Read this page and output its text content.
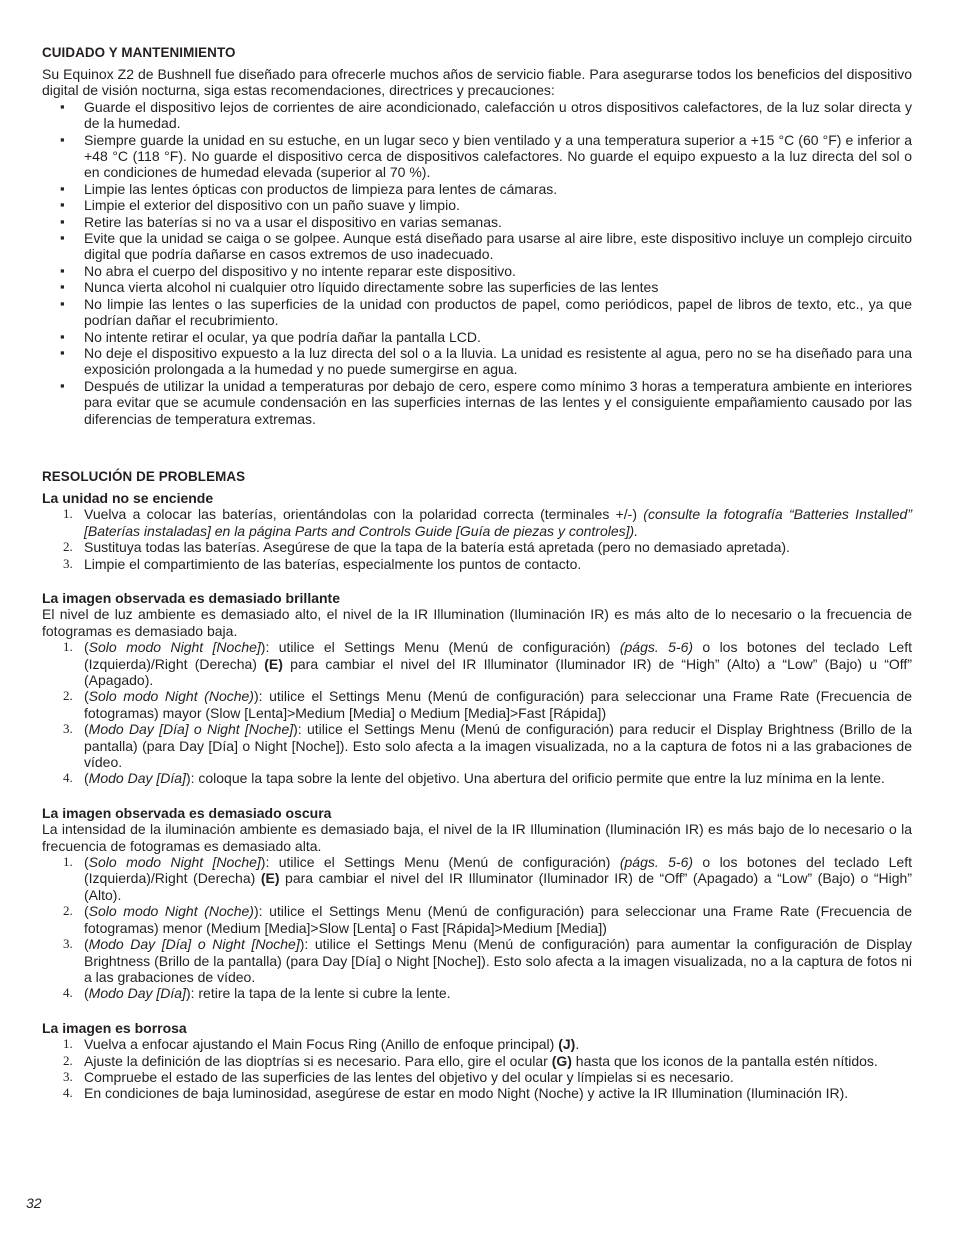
CUIDADO Y MANTENIMIENTO

Su Equinox Z2 de Bushnell fue diseñado para ofrecerle muchos años de servicio fiable. Para asegurarse todos los beneficios del dispositivo digital de visión nocturna, siga estas recomendaciones, directrices y precauciones:

▪ Guarde el dispositivo lejos de corrientes de aire acondicionado, calefacción u otros dispositivos calefactores, de la luz solar directa y de la humedad.
▪ Siempre guarde la unidad en su estuche, en un lugar seco y bien ventilado y a una temperatura superior a +15 °C (60 °F) e inferior a +48 °C (118 °F). No guarde el dispositivo cerca de dispositivos calefactores. No guarde el equipo expuesto a la luz directa del sol o en condiciones de humedad elevada (superior al 70 %).
▪ Limpie las lentes ópticas con productos de limpieza para lentes de cámaras.
▪ Limpie el exterior del dispositivo con un paño suave y limpio.
▪ Retire las baterías si no va a usar el dispositivo en varias semanas.
▪ Evite que la unidad se caiga o se golpee. Aunque está diseñado para usarse al aire libre, este dispositivo incluye un complejo circuito digital que podría dañarse en casos extremos de uso inadecuado.
▪ No abra el cuerpo del dispositivo y no intente reparar este dispositivo.
▪ Nunca vierta alcohol ni cualquier otro líquido directamente sobre las superficies de las lentes
▪ No limpie las lentes o las superficies de la unidad con productos de papel, como periódicos, papel de libros de texto, etc., ya que podrían dañar el recubrimiento.
▪ No intente retirar el ocular, ya que podría dañar la pantalla LCD.
▪ No deje el dispositivo expuesto a la luz directa del sol o a la lluvia. La unidad es resistente al agua, pero no se ha diseñado para una exposición prolongada a la humedad y no puede sumergirse en agua.
▪ Después de utilizar la unidad a temperaturas por debajo de cero, espere como mínimo 3 horas a temperatura ambiente en interiores para evitar que se acumule condensación en las superficies internas de las lentes y el consiguiente empañamiento causado por las diferencias de temperatura extremas.
RESOLUCIÓN DE PROBLEMAS
La unidad no se enciende
1. Vuelva a colocar las baterías, orientándolas con la polaridad correcta (terminales +/-) (consulte la fotografía “Batteries Installed” [Baterías instaladas] en la página Parts and Controls Guide [Guía de piezas y controles]).
2. Sustituya todas las baterías. Asegúrese de que la tapa de la batería está apretada (pero no demasiado apretada).
3. Limpie el compartimiento de las baterías, especialmente los puntos de contacto.
La imagen observada es demasiado brillante

El nivel de luz ambiente es demasiado alto, el nivel de la IR Illumination (Iluminación IR) es más alto de lo necesario o la frecuencia de fotogramas es demasiado baja.

1. (Solo modo Night [Noche]): utilice el Settings Menu (Menú de configuración) (págs. 5-6) o los botones del teclado Left (Izquierda)/Right (Derecha) (E) para cambiar el nivel del IR Illuminator (Iluminador IR) de “High” (Alto) a “Low” (Bajo) u “Off” (Apagado).
2. (Solo modo Night (Noche)): utilice el Settings Menu (Menú de configuración) para seleccionar una Frame Rate (Frecuencia de fotogramas) mayor (Slow [Lenta]>Medium [Media] o Medium [Media]>Fast [Rápida])
3. (Modo Day [Día] o Night [Noche]): utilice el Settings Menu (Menú de configuración) para reducir el Display Brightness (Brillo de la pantalla) (para Day [Día] o Night [Noche]). Esto solo afecta a la imagen visualizada, no a la captura de fotos ni a las grabaciones de vídeo.
4. (Modo Day [Día]): coloque la tapa sobre la lente del objetivo. Una abertura del orificio permite que entre la luz mínima en la lente.
La imagen observada es demasiado oscura

La intensidad de la iluminación ambiente es demasiado baja, el nivel de la IR Illumination (Iluminación IR) es más bajo de lo necesario o la frecuencia de fotogramas es demasiado alta.

1. (Solo modo Night [Noche]): utilice el Settings Menu (Menú de configuración) (págs. 5-6) o los botones del teclado Left (Izquierda)/Right (Derecha) (E) para cambiar el nivel del IR Illuminator (Iluminador IR) de “Off” (Apagado) a “Low” (Bajo) o “High” (Alto).
2. (Solo modo Night (Noche)): utilice el Settings Menu (Menú de configuración) para seleccionar una Frame Rate (Frecuencia de fotogramas) menor (Medium [Media]>Slow [Lenta] o Fast [Rápida]>Medium [Media])
3. (Modo Day [Día] o Night [Noche]): utilice el Settings Menu (Menú de configuración) para aumentar la configuración de Display Brightness (Brillo de la pantalla) (para Day [Día] o Night [Noche]). Esto solo afecta a la imagen visualizada, no a la captura de fotos ni a las grabaciones de vídeo.
4. (Modo Day [Día]): retire la tapa de la lente si cubre la lente.
La imagen es borrosa
1. Vuelva a enfocar ajustando el Main Focus Ring (Anillo de enfoque principal) (J).
2. Ajuste la definición de las dioptrías si es necesario. Para ello, gire el ocular (G) hasta que los iconos de la pantalla estén nítidos.
3. Compruebe el estado de las superficies de las lentes del objetivo y del ocular y límpielas si es necesario.
4. En condiciones de baja luminosidad, asegúrese de estar en modo Night (Noche) y active la IR Illumination (Iluminación IR).
32
